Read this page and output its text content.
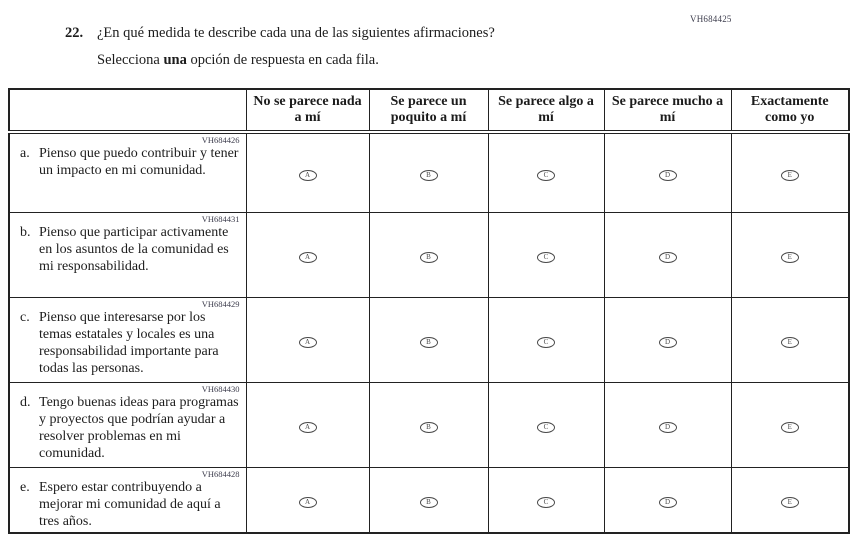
VH684425
22. ¿En qué medida te describe cada una de las siguientes afirmaciones?
Selecciona una opción de respuesta en cada fila.
	No se parece nada a mí	Se parece un poquito a mí	Se parece algo a mí	Se parece mucho a mí	Exactamente como yo

VH684426
a. Pienso que puedo contribuir y tener un impacto en mi comunidad.	A	B	C	D	E

VH684431
b. Pienso que participar activamente en los asuntos de la comunidad es mi responsabilidad.	A	B	C	D	E

VH684429
c. Pienso que interesarse por los temas estatales y locales es una responsabilidad importante para todas las personas.	A	B	C	D	E

VH684430
d. Tengo buenas ideas para programas y proyectos que podrían ayudar a resolver problemas en mi comunidad.	A	B	C	D	E

VH684428
e. Espero estar contribuyendo a mejorar mi comunidad de aquí a tres años.	A	B	C	D	E
